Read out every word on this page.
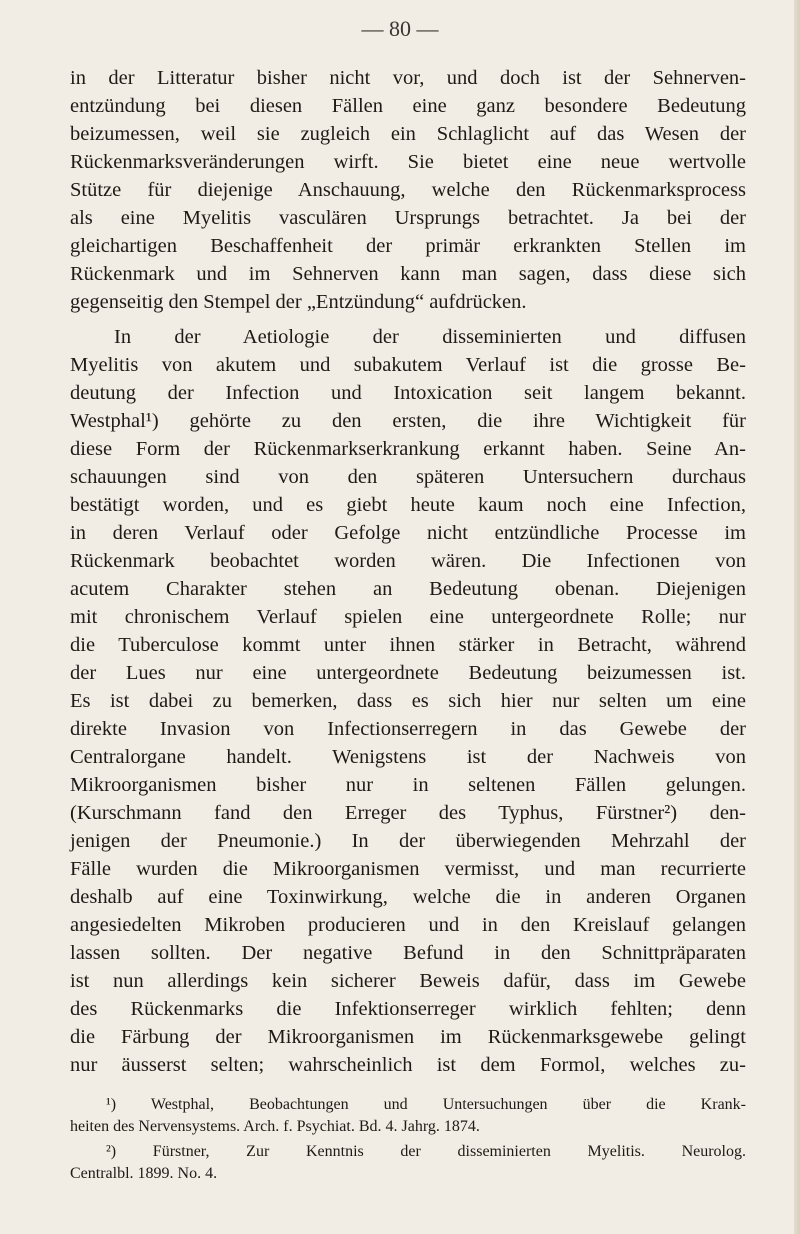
— 80 —
in der Litteratur bisher nicht vor, und doch ist der Sehnerven-
entzündung bei diesen Fällen eine ganz besondere Bedeutung
beizumessen, weil sie zugleich ein Schlaglicht auf das Wesen der
Rückenmarksveränderungen wirft. Sie bietet eine neue wertvolle
Stütze für diejenige Anschauung, welche den Rückenmarksprocess
als eine Myelitis vasculären Ursprungs betrachtet. Ja bei der
gleichartigen Beschaffenheit der primär erkrankten Stellen im
Rückenmark und im Sehnerven kann man sagen, dass diese sich
gegenseitig den Stempel der „Entzündung“ aufdrücken.
In der Aetiologie der disseminierten und diffusen
Myelitis von akutem und subakutem Verlauf ist die grosse Be-
deutung der Infection und Intoxication seit langem bekannt.
Westphal¹) gehörte zu den ersten, die ihre Wichtigkeit für
diese Form der Rückenmarkserkrankung erkannt haben. Seine An-
schauungen sind von den späteren Untersuchern durchaus
bestätigt worden, und es giebt heute kaum noch eine Infection,
in deren Verlauf oder Gefolge nicht entzündliche Processe im
Rückenmark beobachtet worden wären. Die Infectionen von
acutem Charakter stehen an Bedeutung obenan. Diejenigen
mit chronischem Verlauf spielen eine untergeordnete Rolle; nur
die Tuberculose kommt unter ihnen stärker in Betracht, während
der Lues nur eine untergeordnete Bedeutung beizumessen ist.
Es ist dabei zu bemerken, dass es sich hier nur selten um eine
direkte Invasion von Infectionserregern in das Gewebe der
Centralorgane handelt. Wenigstens ist der Nachweis von
Mikroorganismen bisher nur in seltenen Fällen gelungen.
(Kurschmann fand den Erreger des Typhus, Fürstner²) den-
jenigen der Pneumonie.) In der überwiegenden Mehrzahl der
Fälle wurden die Mikroorganismen vermisst, und man recurrierte
deshalb auf eine Toxinwirkung, welche die in anderen Organen
angesiedelten Mikroben producieren und in den Kreislauf gelangen
lassen sollten. Der negative Befund in den Schnittpräparaten
ist nun allerdings kein sicherer Beweis dafür, dass im Gewebe
des Rückenmarks die Infektionserreger wirklich fehlten; denn
die Färbung der Mikroorganismen im Rückenmarksgewebe gelingt
nur äusserst selten; wahrscheinlich ist dem Formol, welches zu-
¹) Westphal, Beobachtungen und Untersuchungen über die Krank-
heiten des Nervensystems. Arch. f. Psychiat. Bd. 4. Jahrg. 1874.
²) Fürstner, Zur Kenntnis der disseminierten Myelitis. Neurolog.
Centralbl. 1899. No. 4.
